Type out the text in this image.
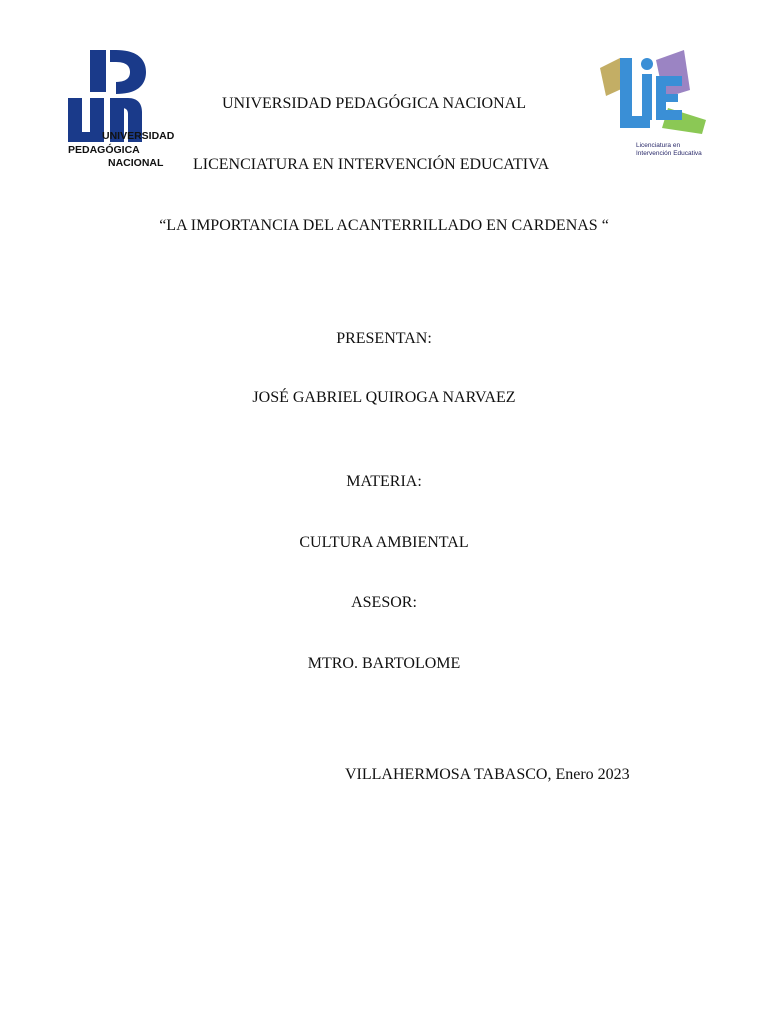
UNIVERSIDAD
PEDAGÓGICA
NACIONAL
Licenciatura en
Intervención Educativa
UNIVERSIDAD PEDAGÓGICA NACIONAL
LICENCIATURA EN INTERVENCIÓN EDUCATIVA
“LA IMPORTANCIA DEL ACANTERRILLADO EN CARDENAS “
PRESENTAN:
JOSÉ GABRIEL QUIROGA NARVAEZ
MATERIA:
CULTURA AMBIENTAL
ASESOR:
MTRO. BARTOLOME
VILLAHERMOSA TABASCO, Enero 2023
